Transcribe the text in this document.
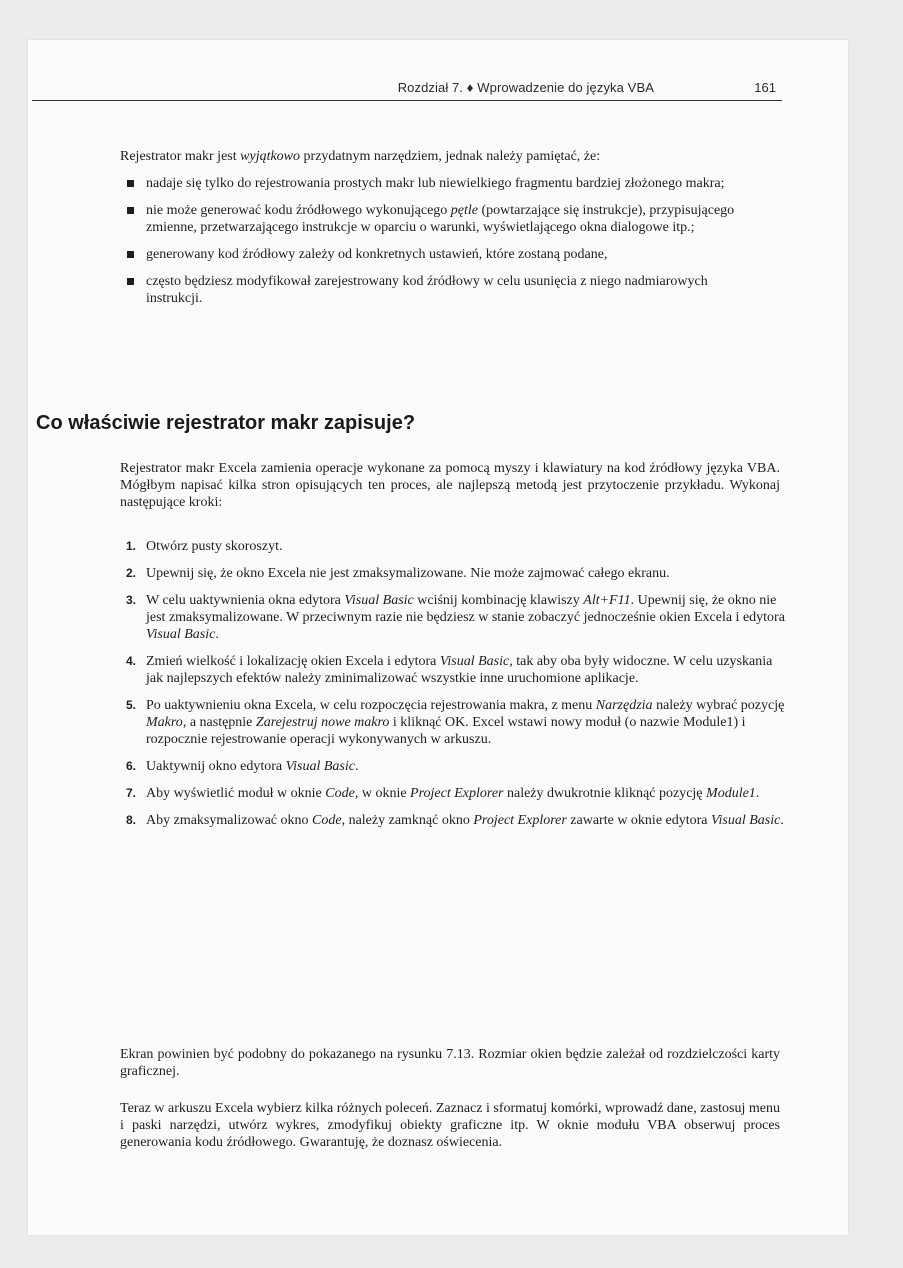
Rozdział 7. ♦ Wprowadzenie do języka VBA	161

Rejestrator makr jest wyjątkowo przydatnym narzędziem, jednak należy pamiętać, że:

nadaje się tylko do rejestrowania prostych makr lub niewielkiego fragmentu bardziej złożonego makra;
nie może generować kodu źródłowego wykonującego pętle (powtarzające się instrukcje), przypisującego zmienne, przetwarzającego instrukcje w oparciu o warunki, wyświetlającego okna dialogowe itp.;
generowany kod źródłowy zależy od konkretnych ustawień, które zostaną podane,
często będziesz modyfikował zarejestrowany kod źródłowy w celu usunięcia z niego nadmiarowych instrukcji.
Co właściwie rejestrator makr zapisuje?

Rejestrator makr Excela zamienia operacje wykonane za pomocą myszy i klawiatury na kod źródłowy języka VBA. Mógłbym napisać kilka stron opisujących ten proces, ale najlepszą metodą jest przytoczenie przykładu. Wykonaj następujące kroki:

1. Otwórz pusty skoroszyt.
2. Upewnij się, że okno Excela nie jest zmaksymalizowane. Nie może zajmować całego ekranu.
3. W celu uaktywnienia okna edytora Visual Basic wciśnij kombinację klawiszy Alt+F11. Upewnij się, że okno nie jest zmaksymalizowane. W przeciwnym razie nie będziesz w stanie zobaczyć jednocześnie okien Excela i edytora Visual Basic.
4. Zmień wielkość i lokalizację okien Excela i edytora Visual Basic, tak aby oba były widoczne. W celu uzyskania jak najlepszych efektów należy zminimalizować wszystkie inne uruchomione aplikacje.
5. Po uaktywnieniu okna Excela, w celu rozpoczęcia rejestrowania makra, z menu Narzędzia należy wybrać pozycję Makro, a następnie Zarejestruj nowe makro i kliknąć OK. Excel wstawi nowy moduł (o nazwie Module1) i rozpocznie rejestrowanie operacji wykonywanych w arkuszu.
6. Uaktywnij okno edytora Visual Basic.
7. Aby wyświetlić moduł w oknie Code, w oknie Project Explorer należy dwukrotnie kliknąć pozycję Module1.
8. Aby zmaksymalizować okno Code, należy zamknąć okno Project Explorer zawarte w oknie edytora Visual Basic.

Ekran powinien być podobny do pokazanego na rysunku 7.13. Rozmiar okien będzie zależał od rozdzielczości karty graficznej.

Teraz w arkuszu Excela wybierz kilka różnych poleceń. Zaznacz i sformatuj komórki, wprowadź dane, zastosuj menu i paski narzędzi, utwórz wykres, zmodyfikuj obiekty graficzne itp. W oknie modułu VBA obserwuj proces generowania kodu źródłowego. Gwarantuję, że doznasz oświecenia.
